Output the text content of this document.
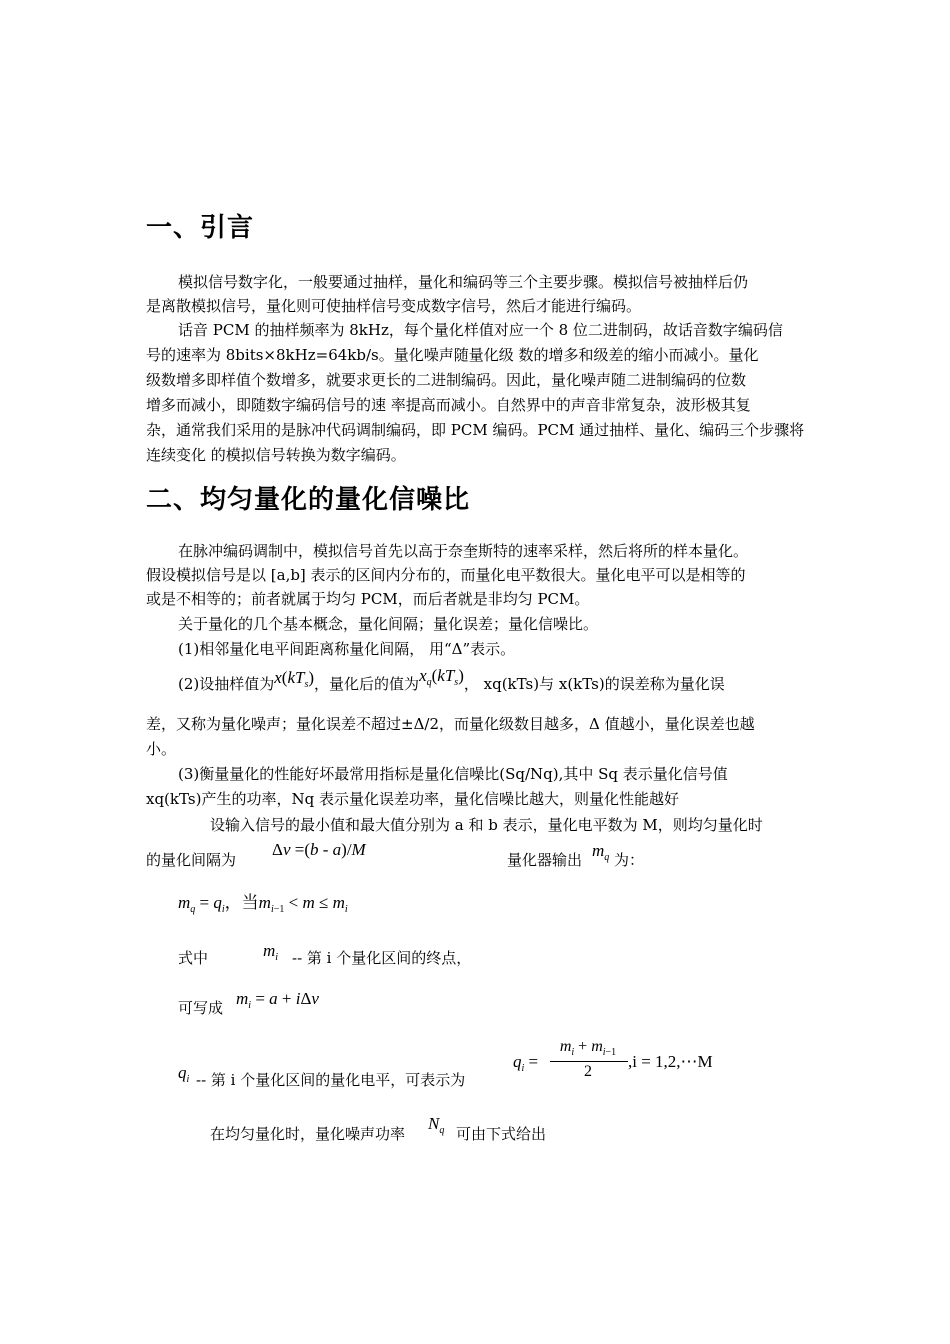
一、引言
模拟信号数字化，一般要通过抽样，量化和编码等三个主要步骤。模拟信号被抽样后仍
是离散模拟信号，量化则可使抽样信号变成数字信号，然后才能进行编码。
话音 PCM 的抽样频率为 8kHz，每个量化样值对应一个 8 位二进制码，故话音数字编码信
号的速率为 8bits×8kHz=64kb/s。量化噪声随量化级 数的增多和级差的缩小而减小。量化
级数增多即样值个数增多，就要求更长的二进制编码。因此，量化噪声随二进制编码的位数
增多而减小，即随数字编码信号的速 率提高而减小。自然界中的声音非常复杂，波形极其复
杂，通常我们采用的是脉冲代码调制编码，即 PCM 编码。PCM 通过抽样、量化、编码三个步骤将
连续变化 的模拟信号转换为数字编码。
二、均匀量化的量化信噪比
在脉冲编码调制中，模拟信号首先以高于奈奎斯特的速率采样，然后将所的样本量化。
假设模拟信号是以 [a,b] 表示的区间内分布的，而量化电平数很大。量化电平可以是相等的
或是不相等的；前者就属于均匀 PCM，而后者就是非均匀 PCM。
关于量化的几个基本概念，量化间隔；量化误差；量化信噪比。
(1)相邻量化电平间距离称量化间隔， 用“Δ”表示。
(2)设抽样值为$x(kT_s)$，量化后的值为$x_q(kT_s)$， xq(kTs)与 x(kTs)的误差称为量化误
差，又称为量化噪声；量化误差不超过±Δ/2，而量化级数目越多，Δ 值越小，量化误差也越
小。
(3)衡量量化的性能好坏最常用指标是量化信噪比(Sq/Nq),其中 Sq 表示量化信号值
xq(kTs)产生的功率，Nq 表示量化误差功率，量化信噪比越大，则量化性能越好
设输入信号的最小值和最大值分别为 a 和 b 表示，量化电平数为 M，则均匀量化时
的量化间隔为
Δv =(b - a)/M
量化器输出 $m_q$ 为：
$m_q = q_i$，当$m_{i-1} < m \le m_i$
式中	$m_i$ -- 第 i 个量化区间的终点，
可写成 $m_i = a + i\Delta v$
$q_i$ -- 第 i 个量化区间的量化电平，可表示为
$q_i$ =
$m_i + m_{i-1}$
2
,i = 1,2,⋯M
在均匀量化时，量化噪声功率
$N_q$ 可由下式给出
